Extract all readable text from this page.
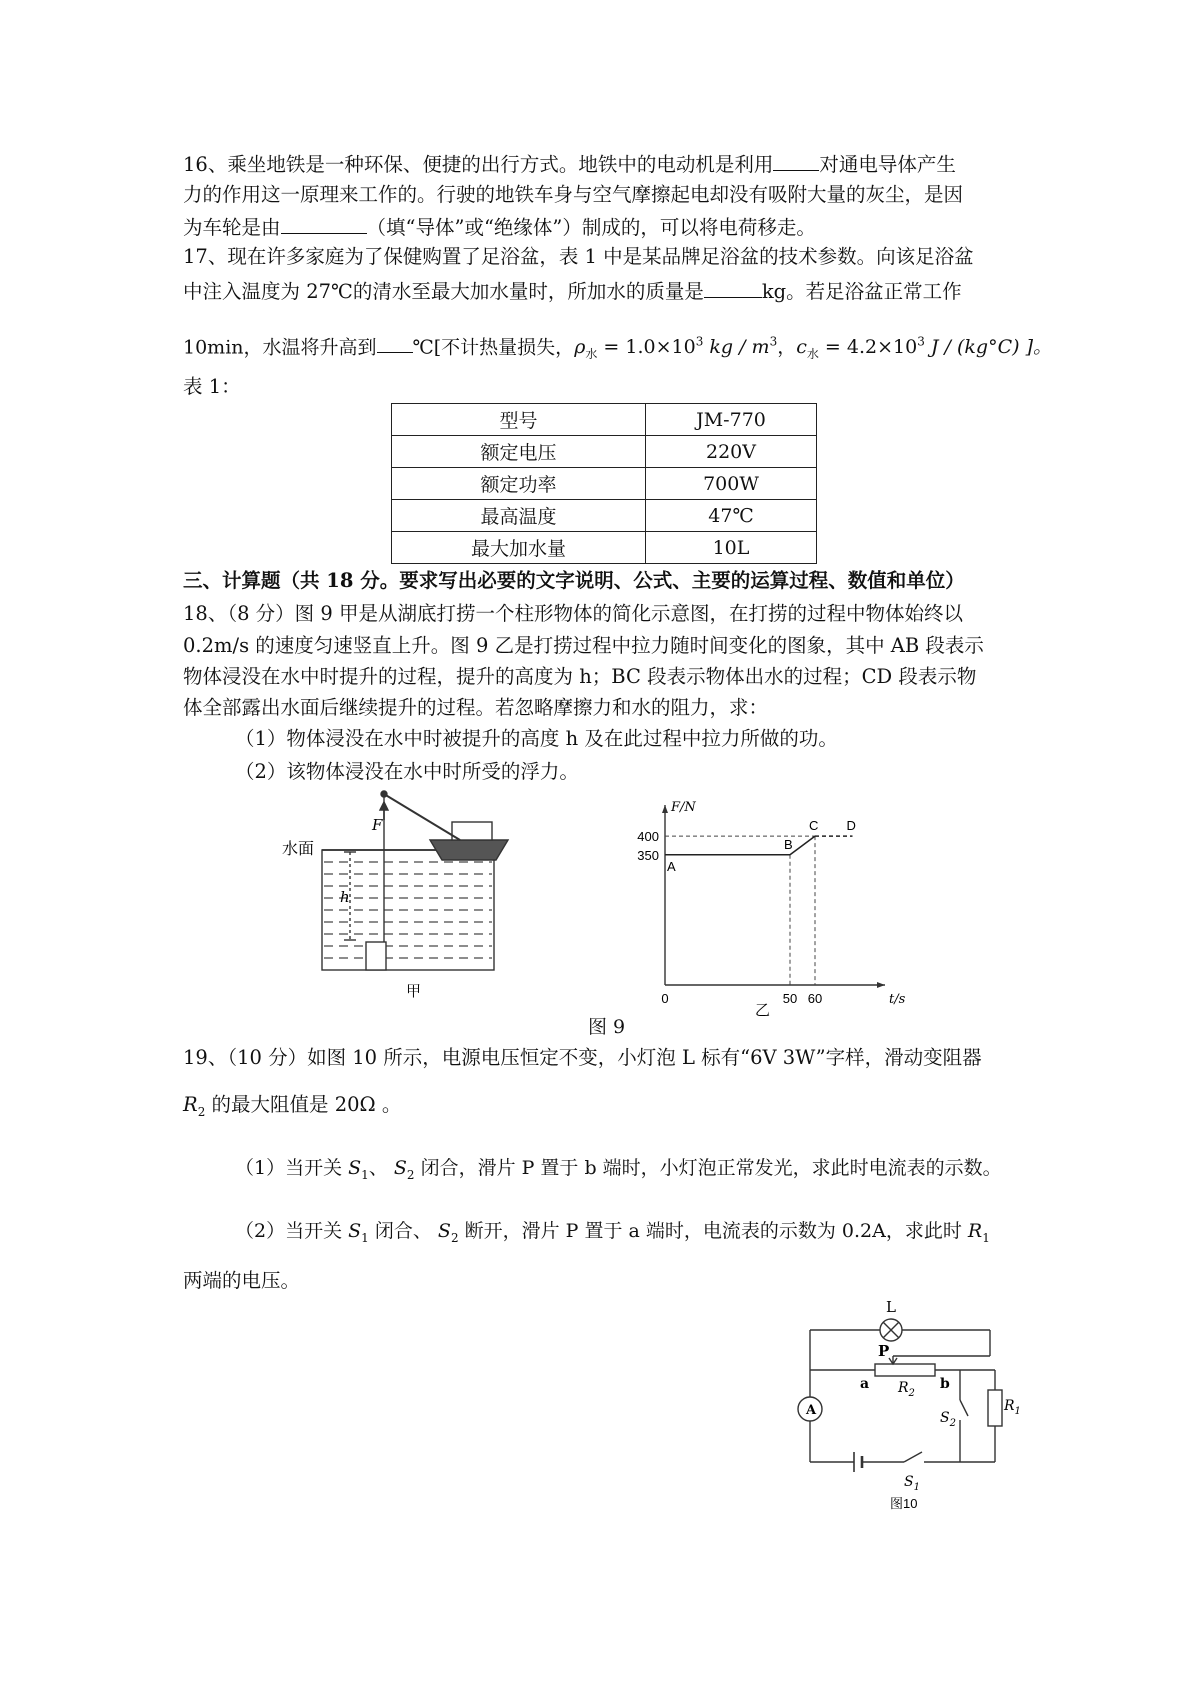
16、乘坐地铁是一种环保、便捷的出行方式。地铁中的电动机是利用 对通电导体产生
力的作用这一原理来工作的。行驶的地铁车身与空气摩擦起电却没有吸附大量的灰尘，是因
为车轮是由	（填“导体”或“绝缘体”）制成的，可以将电荷移走。
17、现在许多家庭为了保健购置了足浴盆，表 1 中是某品牌足浴盆的技术参数。向该足浴盆
中注入温度为 27℃的清水至最大加水量时，所加水的质量是	kg。若足浴盆正常工作
10min，水温将升高到 ℃[不计热量损失，$\rho_水 = 1.0\times 10^3$ kg / $m^3$，$c_水 = 4.2\times 10^3$ J / (kg°C) ]。
表 1：
型号	JM-770
额定电压	220V
额定功率	700W
最高温度	47℃
最大加水量	10L
三、计算题（共 18 分。要求写出必要的文字说明、公式、主要的运算过程、数值和单位）
18、（8 分）图 9 甲是从湖底打捞一个柱形物体的简化示意图，在打捞的过程中物体始终以
0.2m/s 的速度匀速竖直上升。图 9 乙是打捞过程中拉力随时间变化的图象，其中 AB 段表示
物体浸没在水中时提升的过程，提升的高度为 h；BC 段表示物体出水的过程；CD 段表示物
体全部露出水面后继续提升的过程。若忽略摩擦力和水的阻力，求：
（1）物体浸没在水中时被提升的高度 h 及在此过程中拉力所做的功。
（2）该物体浸没在水中时所受的浮力。
水面
F
h
甲
A
B
C D
350
400
0	50 60	t/s
F/N
乙
图 9
19、（10 分）如图 10 所示，电源电压恒定不变，小灯泡 L 标有“6V 3W”字样，滑动变阻器
$R_2$ 的最大阻值是 20Ω 。
（1）当开关 $S_1$、 $S_2$ 闭合，滑片 P 置于 b 端时，小灯泡正常发光，求此时电流表的示数。
（2）当开关 $S_1$ 闭合、 $S_2$ 断开，滑片 P 置于 a 端时，电流表的示数为 0.2A，求此时 $R_1$
两端的电压。
L
A
P
a	b
$R_2$
$R_1$
$S_2$
$S_1$
图10
